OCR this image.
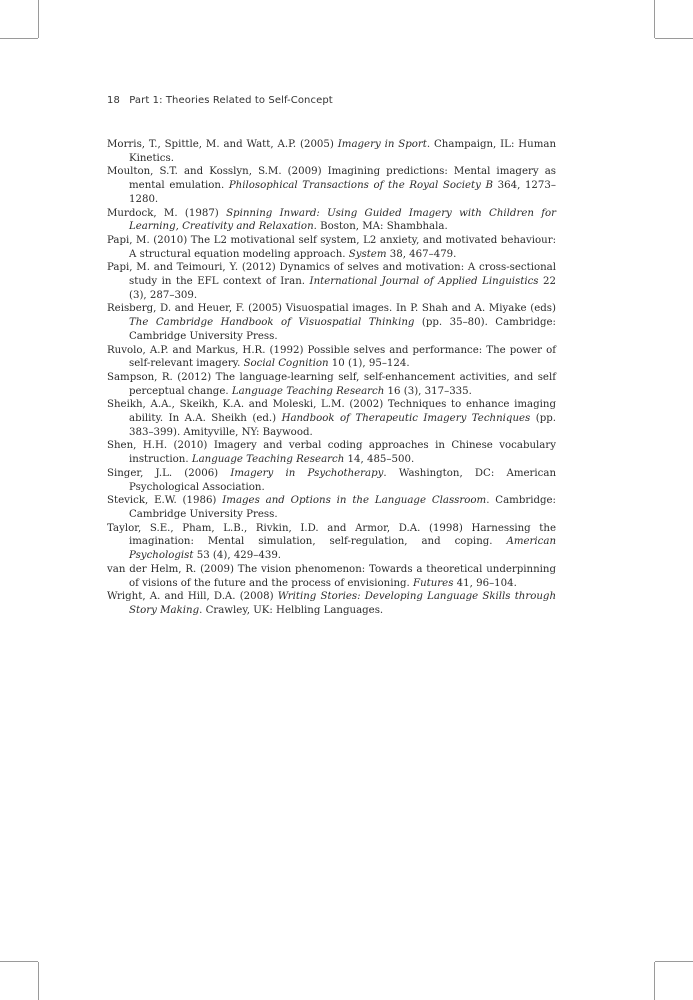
18 Part 1: Theories Related to Self-Concept

Morris, T., Spittle, M. and Watt, A.P. (2005) Imagery in Sport. Champaign, IL: Human Kinetics.

Moulton, S.T. and Kosslyn, S.M. (2009) Imagining predictions: Mental imagery as mental emulation. Philosophical Transactions of the Royal Society B 364, 1273–1280.

Murdock, M. (1987) Spinning Inward: Using Guided Imagery with Children for Learning, Creativity and Relaxation. Boston, MA: Shambhala.

Papi, M. (2010) The L2 motivational self system, L2 anxiety, and motivated behaviour: A structural equation modeling approach. System 38, 467–479.

Papi, M. and Teimouri, Y. (2012) Dynamics of selves and motivation: A cross-sectional study in the EFL context of Iran. International Journal of Applied Linguistics 22 (3), 287–309.

Reisberg, D. and Heuer, F. (2005) Visuospatial images. In P. Shah and A. Miyake (eds) The Cambridge Handbook of Visuospatial Thinking (pp. 35–80). Cambridge: Cambridge University Press.

Ruvolo, A.P. and Markus, H.R. (1992) Possible selves and performance: The power of self-relevant imagery. Social Cognition 10 (1), 95–124.

Sampson, R. (2012) The language-learning self, self-enhancement activities, and self perceptual change. Language Teaching Research 16 (3), 317–335.

Sheikh, A.A., Skeikh, K.A. and Moleski, L.M. (2002) Techniques to enhance imaging ability. In A.A. Sheikh (ed.) Handbook of Therapeutic Imagery Techniques (pp. 383–399). Amityville, NY: Baywood.

Shen, H.H. (2010) Imagery and verbal coding approaches in Chinese vocabulary instruction. Language Teaching Research 14, 485–500.

Singer, J.L. (2006) Imagery in Psychotherapy. Washington, DC: American Psychological Association.

Stevick, E.W. (1986) Images and Options in the Language Classroom. Cambridge: Cambridge University Press.

Taylor, S.E., Pham, L.B., Rivkin, I.D. and Armor, D.A. (1998) Harnessing the imagination: Mental simulation, self-regulation, and coping. American Psychologist 53 (4), 429–439.

van der Helm, R. (2009) The vision phenomenon: Towards a theoretical underpinning of visions of the future and the process of envisioning. Futures 41, 96–104.

Wright, A. and Hill, D.A. (2008) Writing Stories: Developing Language Skills through Story Making. Crawley, UK: Helbling Languages.
